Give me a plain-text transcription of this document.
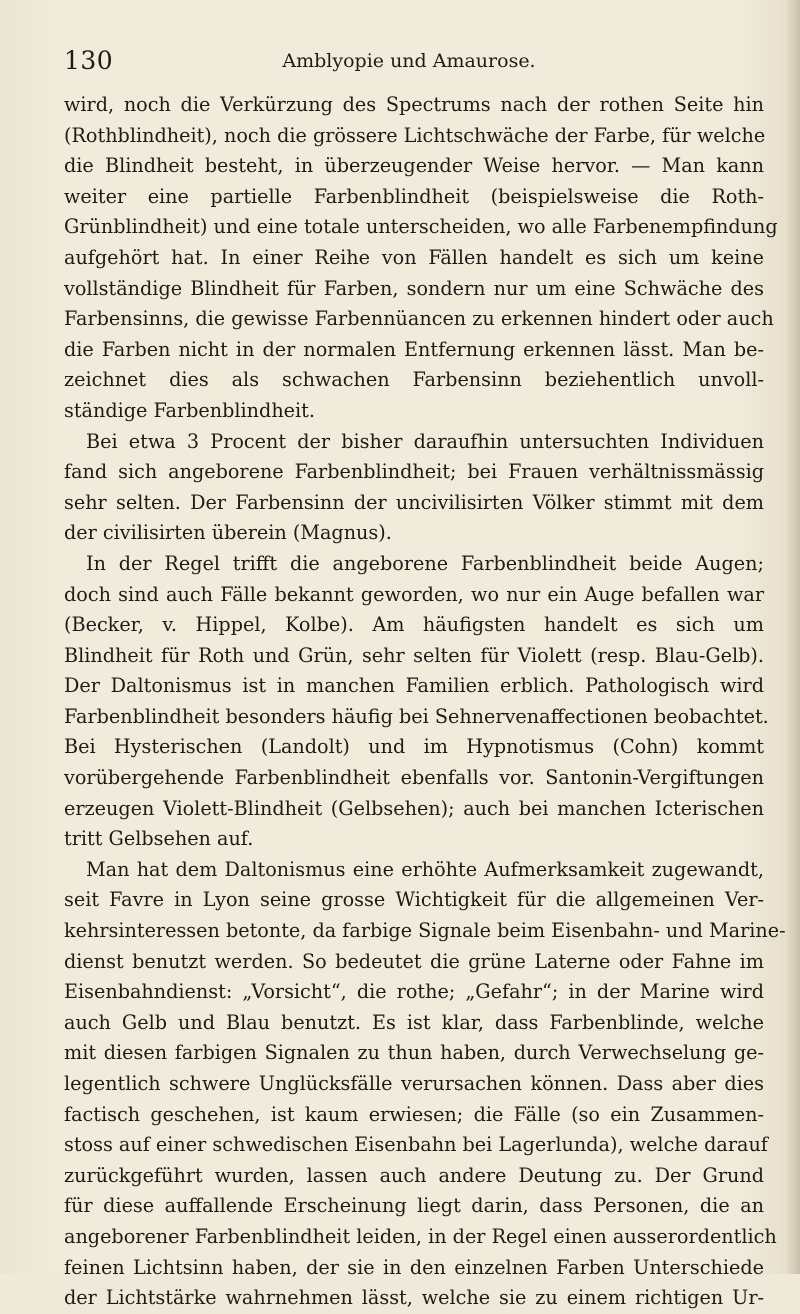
130	Amblyopie und Amaurose.
wird, noch die Verkürzung des Spectrums nach der rothen Seite hin
(Rothblindheit), noch die grössere Lichtschwäche der Farbe, für welche
die Blindheit besteht, in überzeugender Weise hervor. — Man kann
weiter eine partielle Farbenblindheit (beispielsweise die Roth-
Grünblindheit) und eine totale unterscheiden, wo alle Farbenempfindung
aufgehört hat. In einer Reihe von Fällen handelt es sich um keine
vollständige Blindheit für Farben, sondern nur um eine Schwäche des
Farbensinns, die gewisse Farbennüancen zu erkennen hindert oder auch
die Farben nicht in der normalen Entfernung erkennen lässt. Man be-
zeichnet dies als schwachen Farbensinn beziehentlich unvoll-
ständige Farbenblindheit.
Bei etwa 3 Procent der bisher daraufhin untersuchten Individuen
fand sich angeborene Farbenblindheit; bei Frauen verhältnissmässig
sehr selten. Der Farbensinn der uncivilisirten Völker stimmt mit dem
der civilisirten überein (Magnus).
In der Regel trifft die angeborene Farbenblindheit beide Augen;
doch sind auch Fälle bekannt geworden, wo nur ein Auge befallen war
(Becker, v. Hippel, Kolbe). Am häufigsten handelt es sich um
Blindheit für Roth und Grün, sehr selten für Violett (resp. Blau-Gelb).
Der Daltonismus ist in manchen Familien erblich. Pathologisch wird
Farbenblindheit besonders häufig bei Sehnervenaffectionen beobachtet.
Bei Hysterischen (Landolt) und im Hypnotismus (Cohn) kommt
vorübergehende Farbenblindheit ebenfalls vor. Santonin-Vergiftungen
erzeugen Violett-Blindheit (Gelbsehen); auch bei manchen Icterischen
tritt Gelbsehen auf.
Man hat dem Daltonismus eine erhöhte Aufmerksamkeit zugewandt,
seit Favre in Lyon seine grosse Wichtigkeit für die allgemeinen Ver-
kehrsinteressen betonte, da farbige Signale beim Eisenbahn- und Marine-
dienst benutzt werden. So bedeutet die grüne Laterne oder Fahne im
Eisenbahndienst: „Vorsicht“, die rothe; „Gefahr“; in der Marine wird
auch Gelb und Blau benutzt. Es ist klar, dass Farbenblinde, welche
mit diesen farbigen Signalen zu thun haben, durch Verwechselung ge-
legentlich schwere Unglücksfälle verursachen können. Dass aber dies
factisch geschehen, ist kaum erwiesen; die Fälle (so ein Zusammen-
stoss auf einer schwedischen Eisenbahn bei Lagerlunda), welche darauf
zurückgeführt wurden, lassen auch andere Deutung zu. Der Grund
für diese auffallende Erscheinung liegt darin, dass Personen, die an
angeborener Farbenblindheit leiden, in der Regel einen ausserordentlich
feinen Lichtsinn haben, der sie in den einzelnen Farben Unterschiede
der Lichtstärke wahrnehmen lässt, welche sie zu einem richtigen Ur-
